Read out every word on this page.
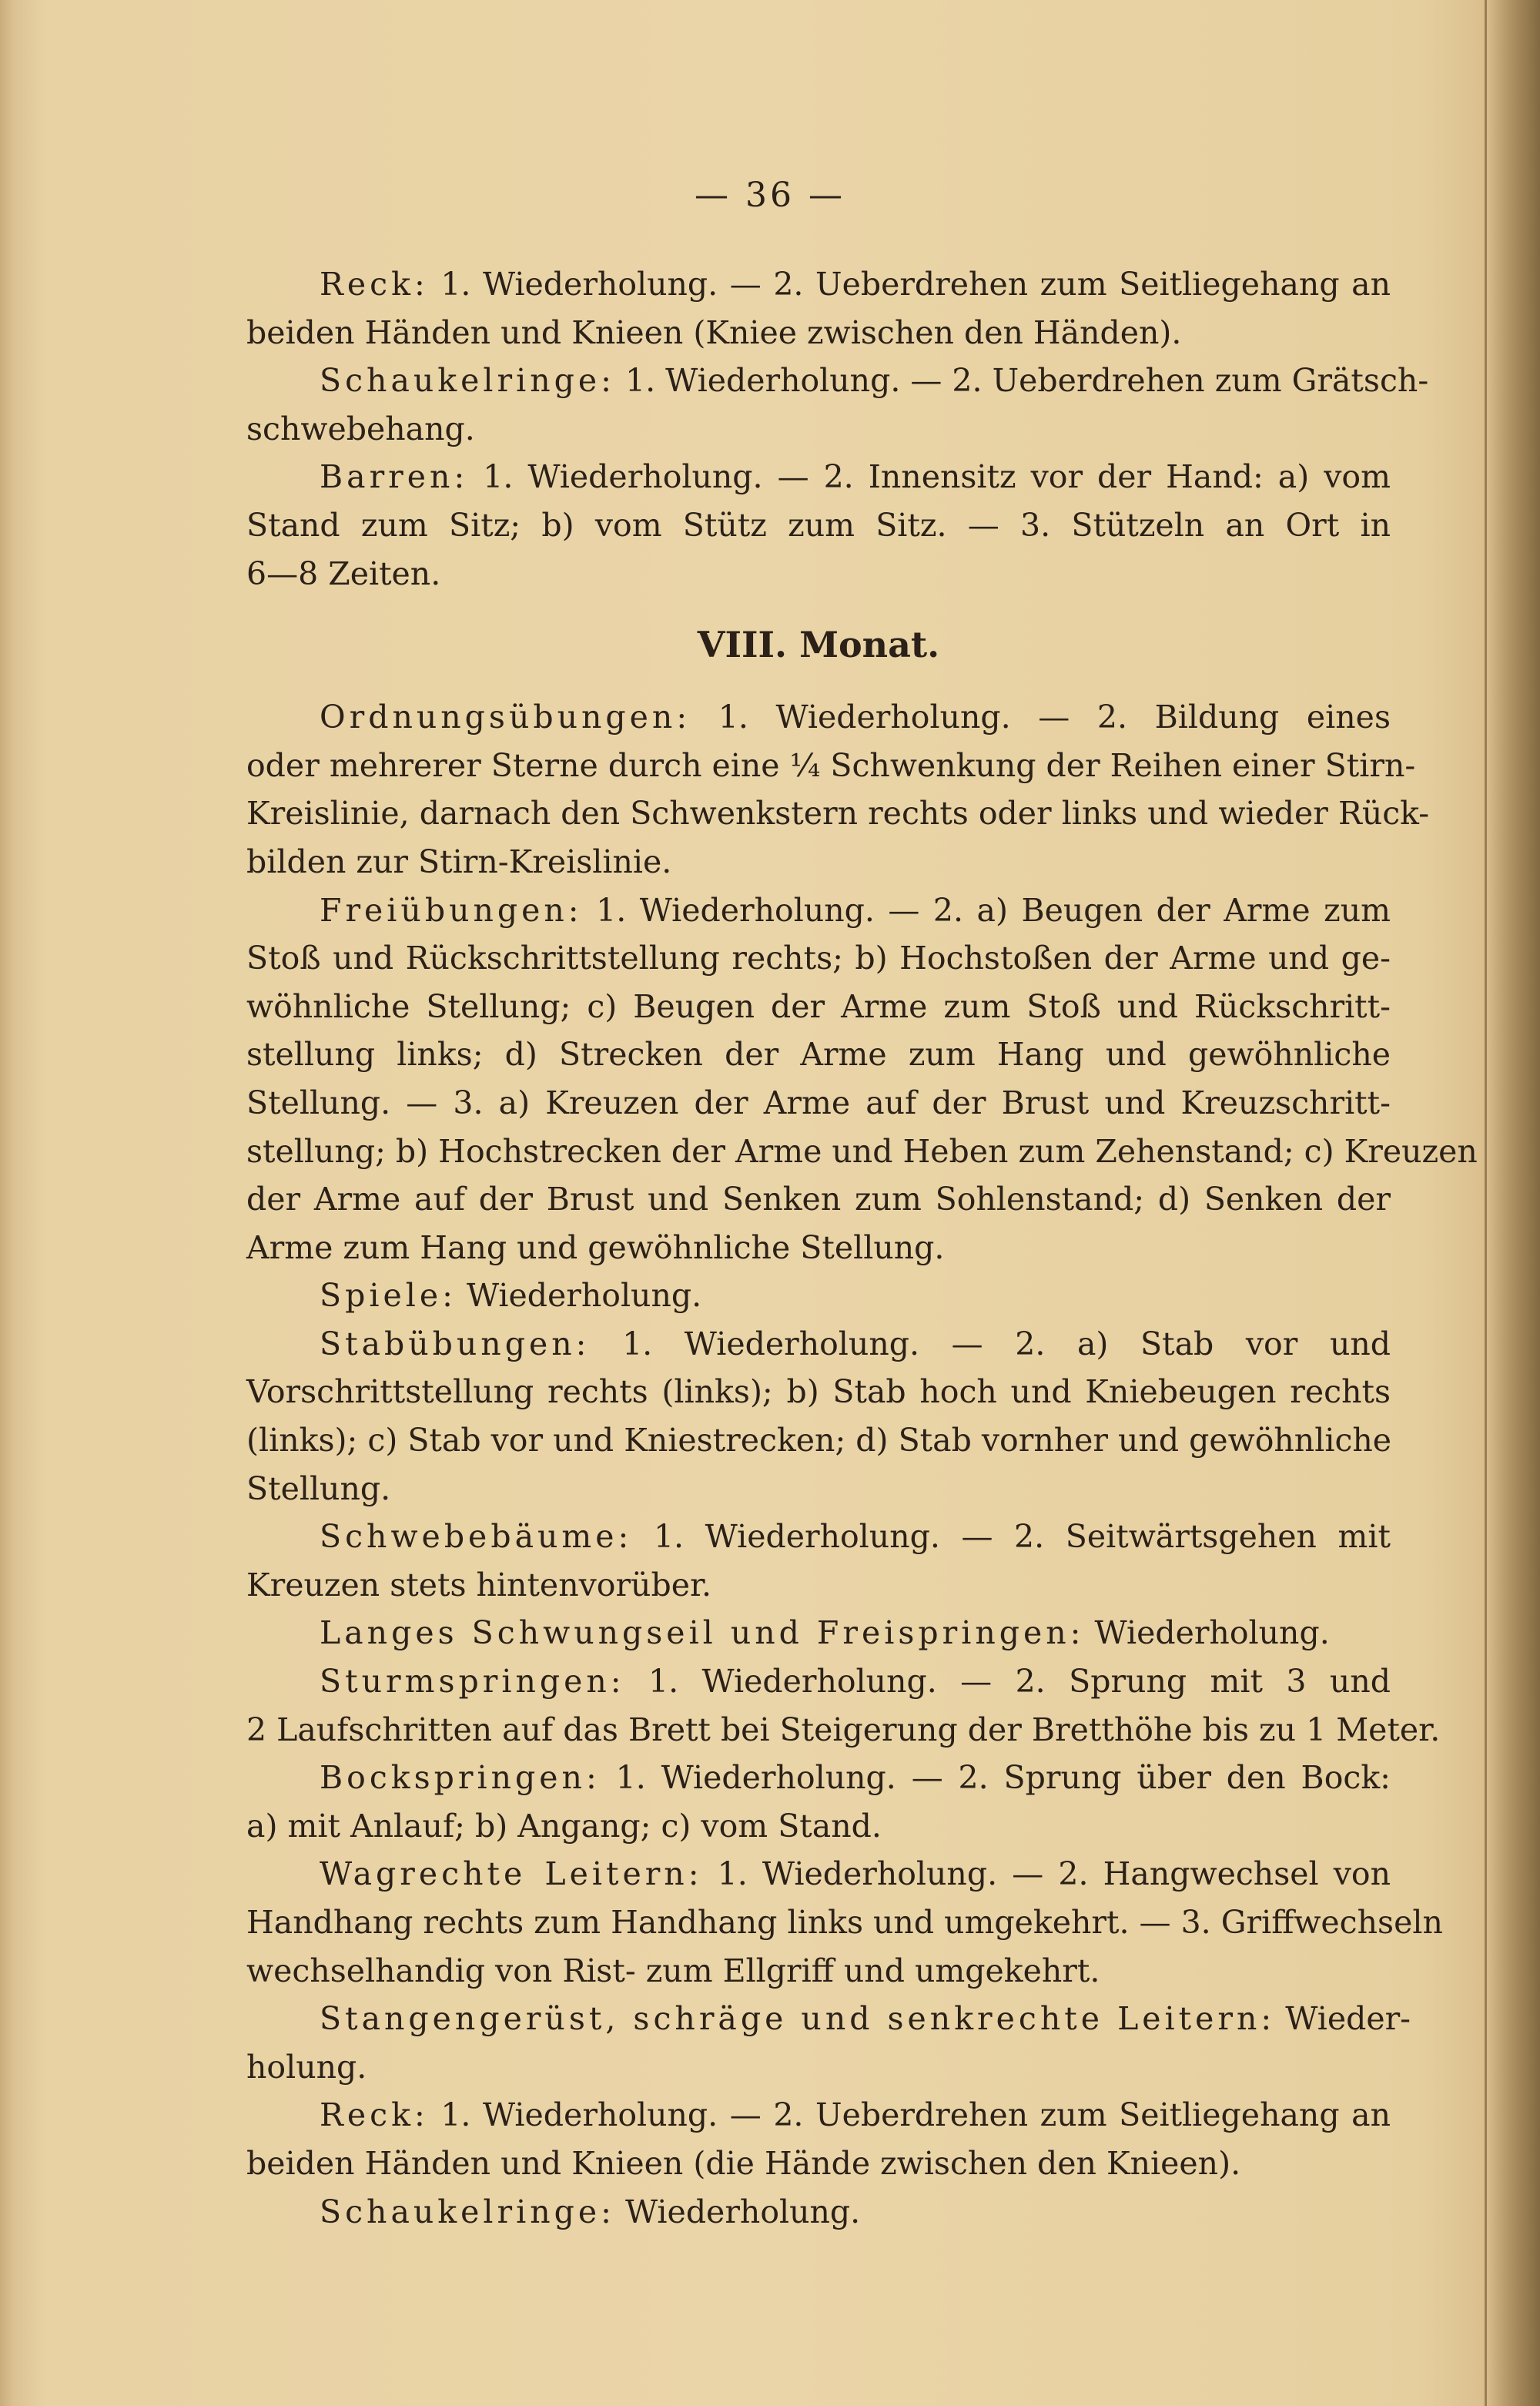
— 36 —
Reck: 1. Wiederholung. — 2. Ueberdrehen zum Seitliegehang an
beiden Händen und Knieen (Kniee zwischen den Händen).
Schaukelringe: 1. Wiederholung. — 2. Ueberdrehen zum Grätsch-
schwebehang.
Barren: 1. Wiederholung. — 2. Innensitz vor der Hand: a) vom
Stand zum Sitz; b) vom Stütz zum Sitz. — 3. Stützeln an Ort in
6—8 Zeiten.
VIII. Monat.
Ordnungsübungen: 1. Wiederholung. — 2. Bildung eines
oder mehrerer Sterne durch eine ¼ Schwenkung der Reihen einer Stirn-
Kreislinie, darnach den Schwenkstern rechts oder links und wieder Rück-
bilden zur Stirn-Kreislinie.
Freiübungen: 1. Wiederholung. — 2. a) Beugen der Arme zum
Stoß und Rückschrittstellung rechts; b) Hochstoßen der Arme und ge-
wöhnliche Stellung; c) Beugen der Arme zum Stoß und Rückschritt-
stellung links; d) Strecken der Arme zum Hang und gewöhnliche
Stellung. — 3. a) Kreuzen der Arme auf der Brust und Kreuzschritt-
stellung; b) Hochstrecken der Arme und Heben zum Zehenstand; c) Kreuzen
der Arme auf der Brust und Senken zum Sohlenstand; d) Senken der
Arme zum Hang und gewöhnliche Stellung.
Spiele: Wiederholung.
Stabübungen: 1. Wiederholung. — 2. a) Stab vor und
Vorschrittstellung rechts (links); b) Stab hoch und Kniebeugen rechts
(links); c) Stab vor und Kniestrecken; d) Stab vornher und gewöhnliche
Stellung.
Schwebebäume: 1. Wiederholung. — 2. Seitwärtsgehen mit
Kreuzen stets hintenvorüber.
Langes Schwungseil und Freispringen: Wiederholung.
Sturmspringen: 1. Wiederholung. — 2. Sprung mit 3 und
2 Laufschritten auf das Brett bei Steigerung der Bretthöhe bis zu 1 Meter.
Bockspringen: 1. Wiederholung. — 2. Sprung über den Bock:
a) mit Anlauf; b) Angang; c) vom Stand.
Wagrechte Leitern: 1. Wiederholung. — 2. Hangwechsel von
Handhang rechts zum Handhang links und umgekehrt. — 3. Griffwechseln
wechselhandig von Rist- zum Ellgriff und umgekehrt.
Stangengerüst, schräge und senkrechte Leitern: Wieder-
holung.
Reck: 1. Wiederholung. — 2. Ueberdrehen zum Seitliegehang an
beiden Händen und Knieen (die Hände zwischen den Knieen).
Schaukelringe: Wiederholung.
